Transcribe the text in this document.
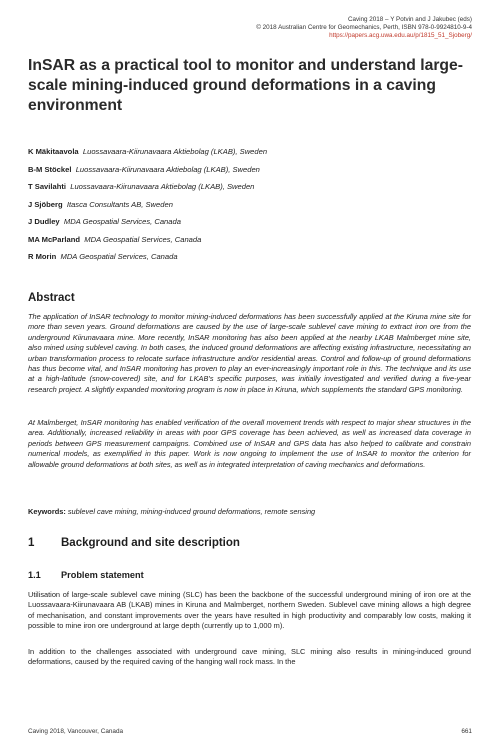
Caving 2018 – Y Potvin and J Jakubec (eds)
© 2018 Australian Centre for Geomechanics, Perth, ISBN 978-0-9924810-9-4
https://papers.acg.uwa.edu.au/p/1815_51_Sjoberg/
InSAR as a practical tool to monitor and understand large-scale mining-induced ground deformations in a caving environment
K Mäkitaavola Luossavaara-Kiirunavaara Aktiebolag (LKAB), Sweden
B-M Stöckel Luossavaara-Kiirunavaara Aktiebolag (LKAB), Sweden
T Savilahti Luossavaara-Kiirunavaara Aktiebolag (LKAB), Sweden
J Sjöberg Itasca Consultants AB, Sweden
J Dudley MDA Geospatial Services, Canada
MA McParland MDA Geospatial Services, Canada
R Morin MDA Geospatial Services, Canada
Abstract

The application of InSAR technology to monitor mining-induced deformations has been successfully applied at the Kiruna mine site for more than seven years. Ground deformations are caused by the use of large-scale sublevel cave mining to extract iron ore from the underground Kiirunavaara mine. More recently, InSAR monitoring has also been applied at the nearby LKAB Malmberget mine site, also mined using sublevel caving. In both cases, the induced ground deformations are affecting existing infrastructure, necessitating an urban transformation process to relocate surface infrastructure and/or residential areas. Control and follow-up of ground deformations has thus become vital, and InSAR monitoring has proven to play an ever-increasingly important role in this. The technique and its use at a high-latitude (snow-covered) site, and for LKAB's specific purposes, was initially investigated and verified during a five-year research project. A slightly expanded monitoring program is now in place in Kiruna, which supplements the standard GPS monitoring.

At Malmberget, InSAR monitoring has enabled verification of the overall movement trends with respect to major shear structures in the area. Additionally, increased reliability in areas with poor GPS coverage has been achieved, as well as increased data coverage in periods between GPS measurement campaigns. Combined use of InSAR and GPS data has also helped to calibrate and constrain numerical models, as exemplified in this paper. Work is now ongoing to implement the use of InSAR to monitor the criterion for allowable ground deformations at both sites, as well as in integrated interpretation of caving mechanics and deformations.

Keywords: sublevel cave mining, mining-induced ground deformations, remote sensing

1 Background and site description
1.1 Problem statement

Utilisation of large-scale sublevel cave mining (SLC) has been the backbone of the successful underground mining of iron ore at the Luossavaara-Kiirunavaara AB (LKAB) mines in Kiruna and Malmberget, northern Sweden. Sublevel cave mining allows a high degree of mechanisation, and constant improvements over the years have resulted in high productivity and comparably low costs, making it possible to mine iron ore underground at large depth (currently up to 1,000 m).

In addition to the challenges associated with underground cave mining, SLC mining also results in mining-induced ground deformations, caused by the required caving of the hanging wall rock mass. In the

Caving 2018, Vancouver, Canada	661
